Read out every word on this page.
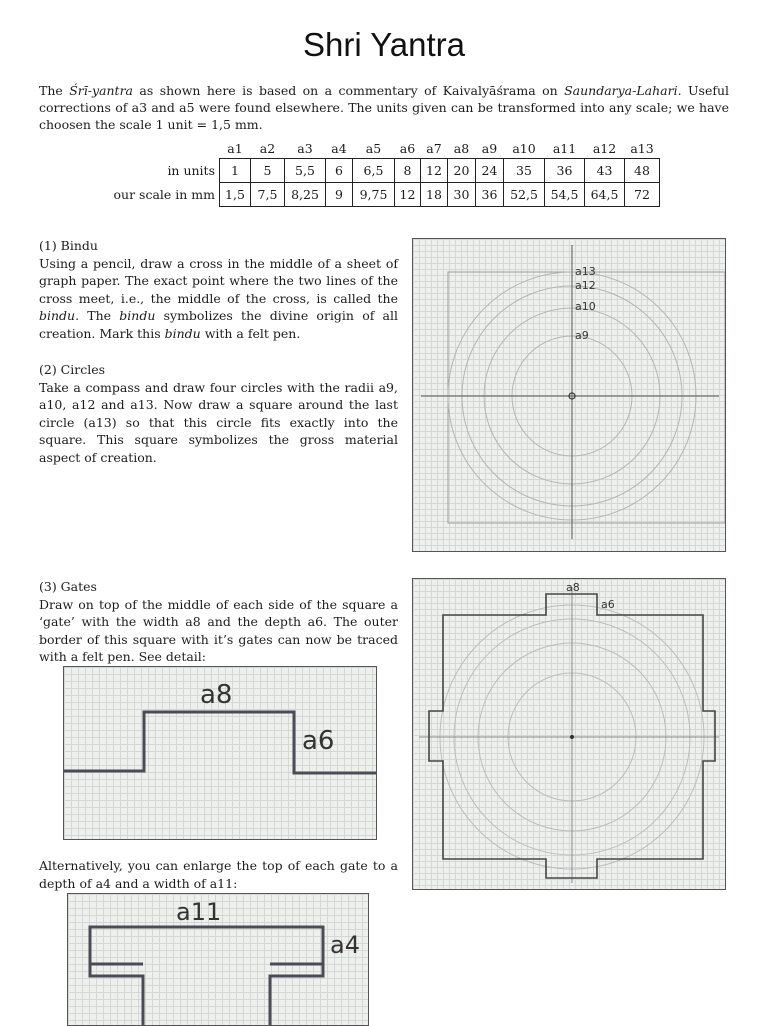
Shri Yantra
The Śrī-yantra as shown here is based on a commentary of Kaivalyāśrama on Saundarya-Lahari. Useful corrections of a3 and a5 were found elsewhere. The units given can be transformed into any scale; we have choosen the scale 1 unit = 1,5 mm.
	a1	a2	a3	a4	a5	a6	a7	a8	a9	a10	a11	a12	a13
in units	1	5	5,5	6	6,5	8	12	20	24	35	36	43	48
our scale in mm	1,5	7,5	8,25	9	9,75	12	18	30	36	52,5	54,5	64,5	72
(1) Bindu
Using a pencil, draw a cross in the middle of a sheet of graph paper. The exact point where the two lines of the cross meet, i.e., the middle of the cross, is called the bindu. The bindu symbolizes the divine origin of all creation. Mark this bindu with a felt pen.
(2) Circles
Take a compass and draw four circles with the radii a9, a10, a12 and a13. Now draw a square around the last circle (a13) so that this circle fits exactly into the square. This square symbolizes the gross material aspect of creation.
a13
a12
a10
a9
(3) Gates
Draw on top of the middle of each side of the square a ‘gate’ with the width a8 and the depth a6. The outer border of this square with it’s gates can now be traced with a felt pen. See detail:
a8
a6
Alternatively, you can enlarge the top of each gate to a depth of a4 and a width of a11:
a11
a4
a8
a6
